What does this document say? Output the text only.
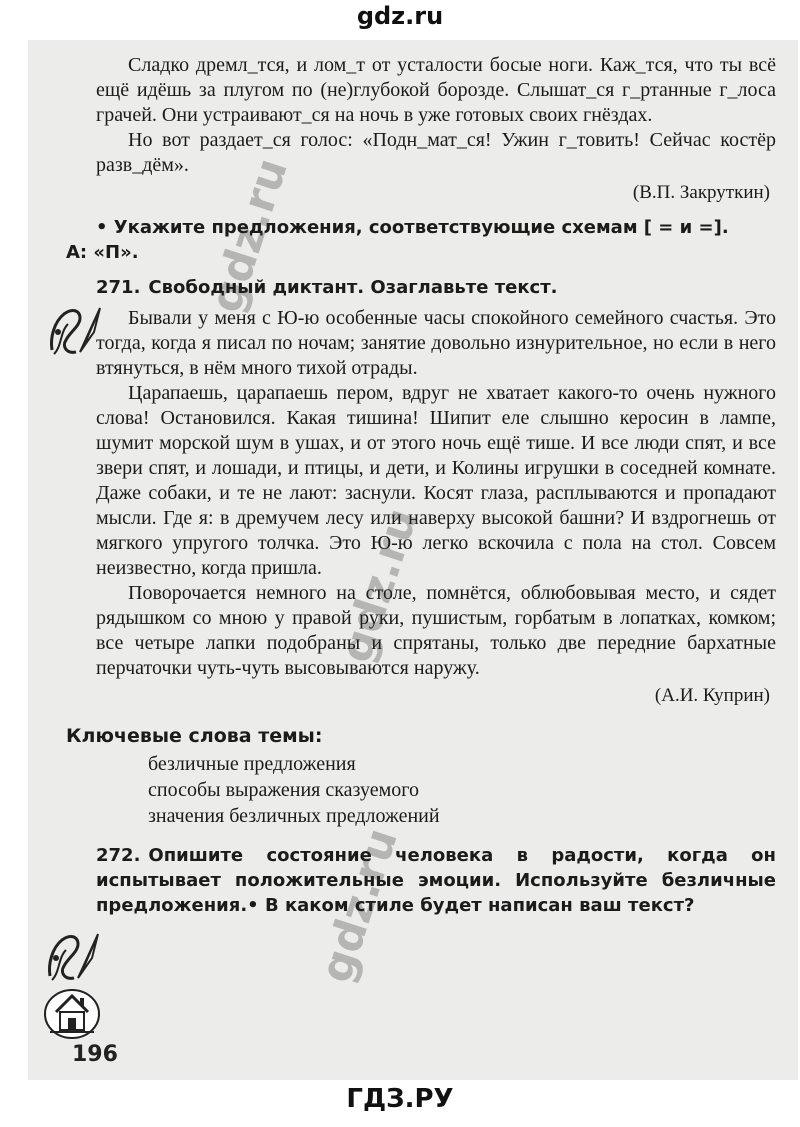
gdz.ru

Сладко дремл_тся, и лом_т от усталости босые ноги. Каж_тся, что ты всё ещё идёшь за плугом по (не)глубокой борозде. Слышат_ся г_ртанные г_лоса грачей. Они устраивают_ся на ночь в уже готовых своих гнёздах.

Но вот раздает_ся голос: «Подн_мат_ся! Ужин г_товить! Сейчас костёр разв_дём».

(В.П. Закруткин)
• Укажите предложения, соответствующие схемам [ = и =].
А: «П».
271. Свободный диктант. Озаглавьте текст.

Бывали у меня с Ю-ю особенные часы спокойного семейного счастья. Это тогда, когда я писал по ночам; занятие довольно изнурительное, но если в него втянуться, в нём много тихой отрады.

Царапаешь, царапаешь пером, вдруг не хватает какого-то очень нужного слова! Остановился. Какая тишина! Шипит еле слышно керосин в лампе, шумит морской шум в ушах, и от этого ночь ещё тише. И все люди спят, и все звери спят, и лошади, и птицы, и дети, и Колины игрушки в соседней комнате. Даже собаки, и те не лают: заснули. Косят глаза, расплываются и пропадают мысли. Где я: в дремучем лесу или наверху высокой башни? И вздрогнешь от мягкого упругого толчка. Это Ю-ю легко вскочила с пола на стол. Совсем неизвестно, когда пришла.

Поворочается немного на столе, помнётся, облюбовывая место, и сядет рядышком со мною у правой руки, пушистым, горбатым в лопатках, комком; все четыре лапки подобраны и спрятаны, только две передние бархатные перчаточки чуть-чуть высовываются наружу.

(А.И. Куприн)
Ключевые слова темы:
безличные предложения
способы выражения сказуемого
значения безличных предложений
272. Опишите состояние человека в радости, когда он испытывает положительные эмоции. Используйте безличные предложения.• В каком стиле будет написан ваш текст?
196
gdz.ru
gdz.ru
gdz.ru
ГДЗ.РУ
